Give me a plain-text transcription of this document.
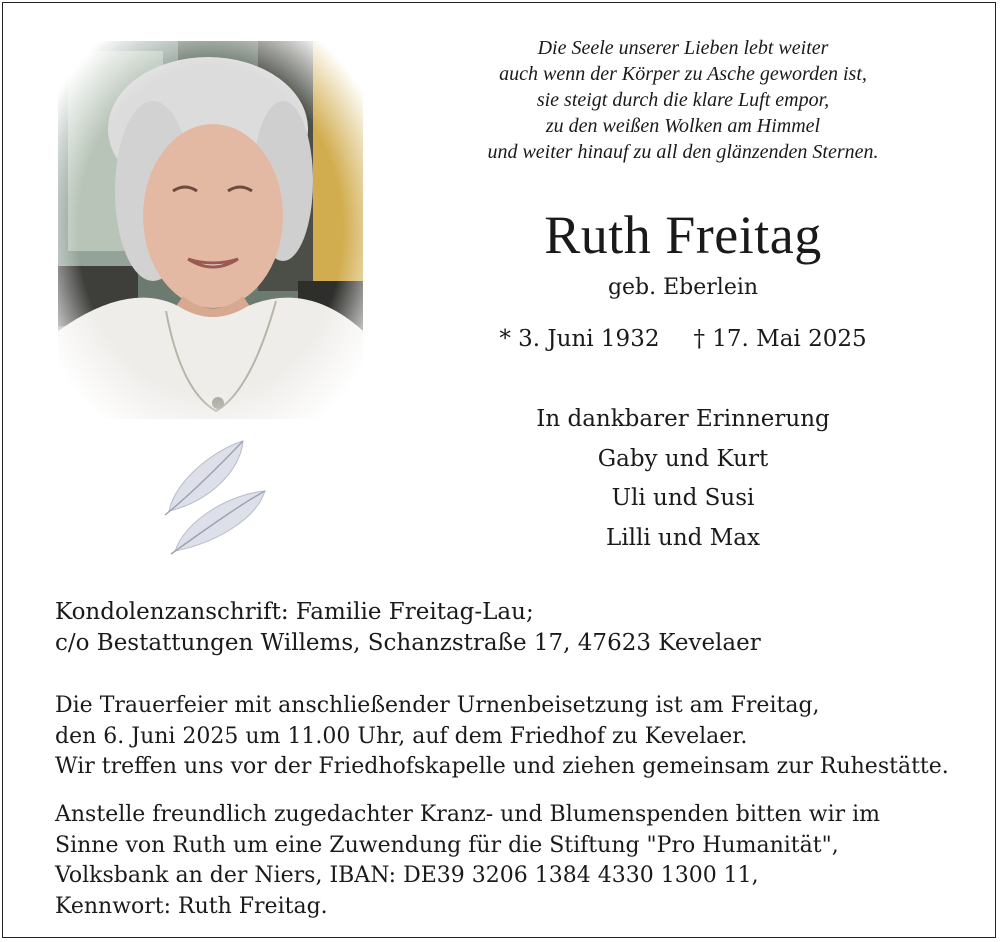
Die Seele unserer Lieben lebt weiter
auch wenn der Körper zu Asche geworden ist,
sie steigt durch die klare Luft empor,
zu den weißen Wolken am Himmel
und weiter hinauf zu all den glänzenden Sternen.
Ruth Freitag
geb. Eberlein
* 3. Juni 1932 † 17. Mai 2025
In dankbarer Erinnerung
Gaby und Kurt
Uli und Susi
Lilli und Max
Kondolenzanschrift: Familie Freitag-Lau;
c/o Bestattungen Willems, Schanzstraße 17, 47623 Kevelaer
Die Trauerfeier mit anschließender Urnenbeisetzung ist am Freitag,
den 6. Juni 2025 um 11.00 Uhr, auf dem Friedhof zu Kevelaer.
Wir treffen uns vor der Friedhofskapelle und ziehen gemeinsam zur Ruhestätte.
Anstelle freundlich zugedachter Kranz- und Blumenspenden bitten wir im
Sinne von Ruth um eine Zuwendung für die Stiftung "Pro Humanität",
Volksbank an der Niers, IBAN: DE39 3206 1384 4330 1300 11,
Kennwort: Ruth Freitag.
